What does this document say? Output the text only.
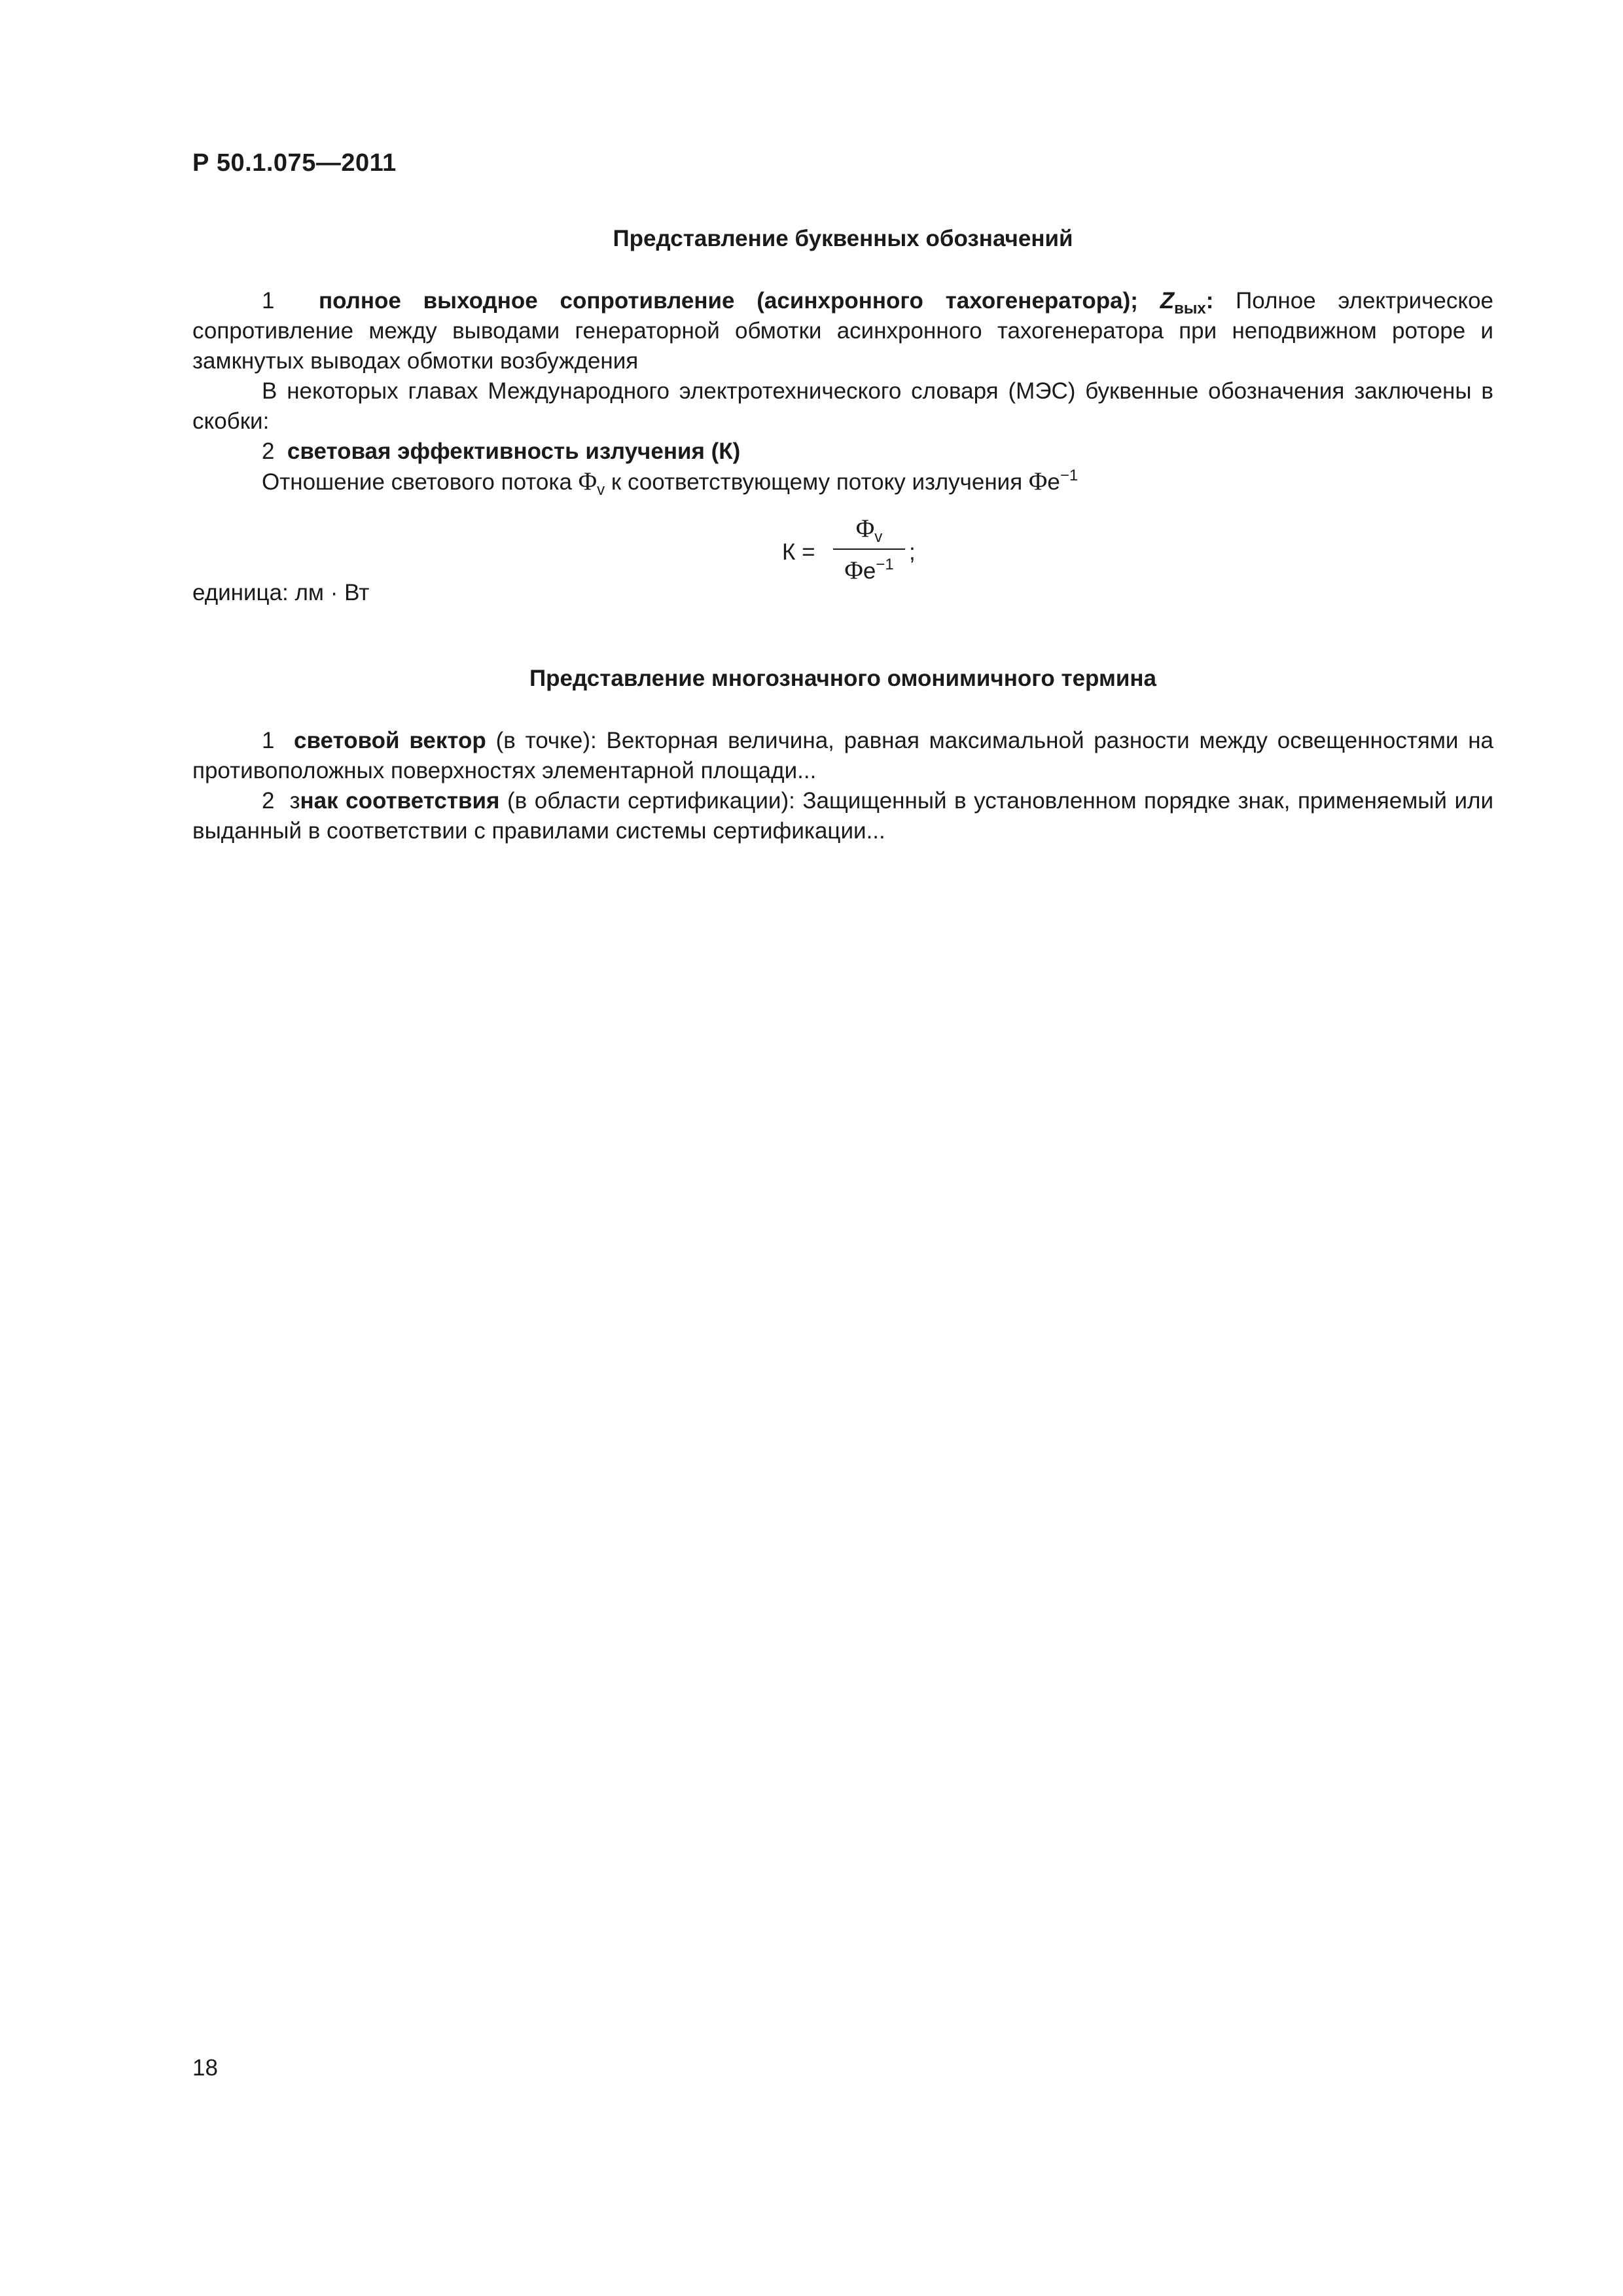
Р 50.1.075—2011
Представление буквенных обозначений

1 полное выходное сопротивление (асинхронного тахогенератора); $Z_{вых}$: Полное электрическое сопротивление между выводами генераторной обмотки асинхронного тахогенератора при неподвижном роторе и замкнутых выводах обмотки возбуждения

В некоторых главах Международного электротехнического словаря (МЭС) буквенные обозначения заключены в скобки:

2 световая эффективность излучения (К)

Отношение светового потока $\Phi_v$ к соответствующему потоку излучения $\Phi e^{-1}$

К =
$\Phi_v$
$\Phi e^{-1}$ ;

единица: лм · Вт

Представление многозначного омонимичного термина

1 световой вектор (в точке): Векторная величина, равная максимальной разности между освещенностями на противоположных поверхностях элементарной площади...

2 знак соответствия (в области сертификации): Защищенный в установленном порядке знак, применяемый или выданный в соответствии с правилами системы сертификации...

18
